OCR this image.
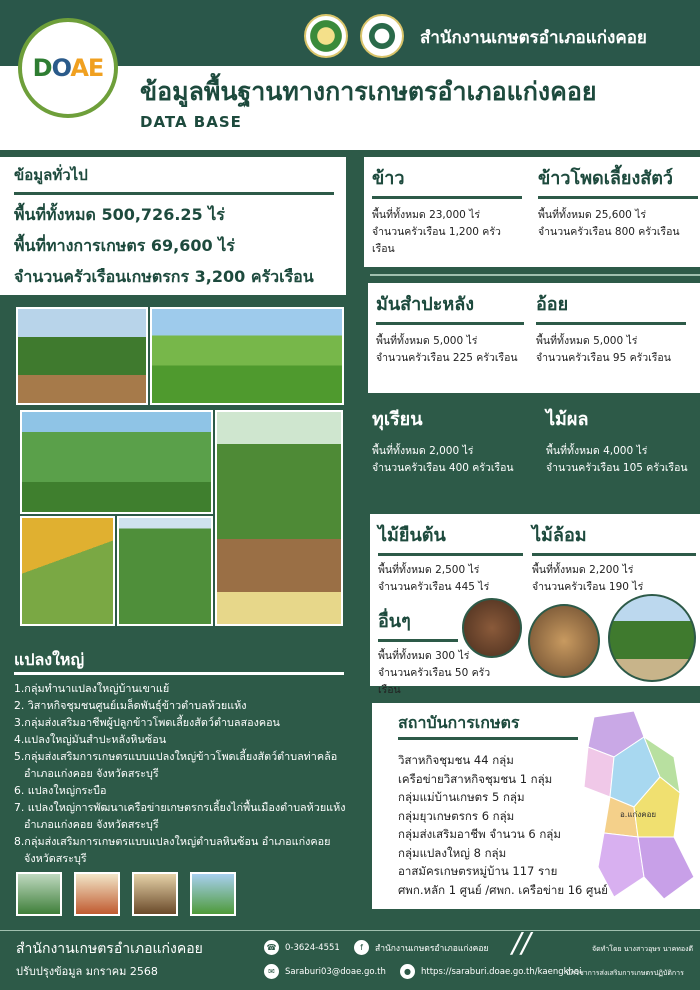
DOAE
สำนักงานเกษตรอำเภอแก่งคอย
ข้อมูลพื้นฐานทางการเกษตรอำเภอแก่งคอย
DATA BASE
ข้อมูลทั่วไป
พื้นที่ทั้งหมด 500,726.25 ไร่
พื้นที่ทางการเกษตร 69,600 ไร่
จำนวนครัวเรือนเกษตรกร 3,200 ครัวเรือน
ข้าว
พื้นที่ทั้งหมด 23,000 ไร่
จำนวนครัวเรือน 1,200 ครัวเรือน
ข้าวโพดเลี้ยงสัตว์
พื้นที่ทั้งหมด 25,600 ไร่
จำนวนครัวเรือน 800 ครัวเรือน
มันสำปะหลัง
พื้นที่ทั้งหมด 5,000 ไร่
จำนวนครัวเรือน 225 ครัวเรือน
อ้อย
พื้นที่ทั้งหมด 5,000 ไร่
จำนวนครัวเรือน 95 ครัวเรือน
ทุเรียน
พื้นที่ทั้งหมด 2,000 ไร่
จำนวนครัวเรือน 400 ครัวเรือน
ไม้ผล
พื้นที่ทั้งหมด 4,000 ไร่
จำนวนครัวเรือน 105 ครัวเรือน
ไม้ยืนต้น
พื้นที่ทั้งหมด 2,500 ไร่
จำนวนครัวเรือน 445 ไร่
ไม้ล้อม
พื้นที่ทั้งหมด 2,200 ไร่
จำนวนครัวเรือน 190 ไร่
อื่นๆ
พื้นที่ทั้งหมด 300 ไร่
จำนวนครัวเรือน 50 ครัวเรือน
แปลงใหญ่
1.กลุ่มทำนาแปลงใหญ่บ้านเขาแย้
2. วิสาหกิจชุมชนศูนย์เมล็ดพันธุ์ข้าวตำบลห้วยแห้ง
3.กลุ่มส่งเสริมอาชีพผู้ปลูกข้าวโพดเลี้ยงสัตว์ตำบลสองคอน
4.แปลงใหญ่มันสำปะหลังหินซ้อน
5.กลุ่มส่งเสริมการเกษตรแบบแปลงใหญ่ข้าวโพดเลี้ยงสัตว์ตำบลท่าคล้อ
อำเภอแก่งคอย จังหวัดสระบุรี
6. แปลงใหญ่กระบือ
7. แปลงใหญ่การพัฒนาเครือข่ายเกษตรกรเลี้ยงไก่พื้นเมืองตำบลห้วยแห้ง
อำเภอแก่งคอย จังหวัดสระบุรี
8.กลุ่มส่งเสริมการเกษตรแบบแปลงใหญ่ตำบลหินซ้อน อำเภอแก่งคอย
จังหวัดสระบุรี
สถาบันการเกษตร
วิสาหกิจชุมชน 44 กลุ่ม
เครือข่ายวิสาหกิจชุมชน 1 กลุ่ม
กลุ่มแม่บ้านเกษตร 5 กลุ่ม
กลุ่มยุวเกษตรกร 6 กลุ่ม
กลุ่มส่งเสริมอาชีพ จำนวน 6 กลุ่ม
กลุ่มแปลงใหญ่ 8 กลุ่ม
อาสมัครเกษตรหมู่บ้าน 117 ราย
ศพก.หลัก 1 ศูนย์ /ศพก. เครือข่าย 16 ศูนย์
อ.แก่งคอย
สำนักงานเกษตรอำเภอแก่งคอย
ปรับปรุงข้อมูล มกราคม 2568
☎ 0-3624-4551	f	สำนักงานเกษตรอำเภอแก่งคอย
✉	Saraburi03@doae.go.th	●	https://saraburi.doae.go.th/kaengkhoi
//	จัดทำโดย นางสาวอุษร นาคทองดี
นักวิชาการส่งเสริมการเกษตรปฏิบัติการ
